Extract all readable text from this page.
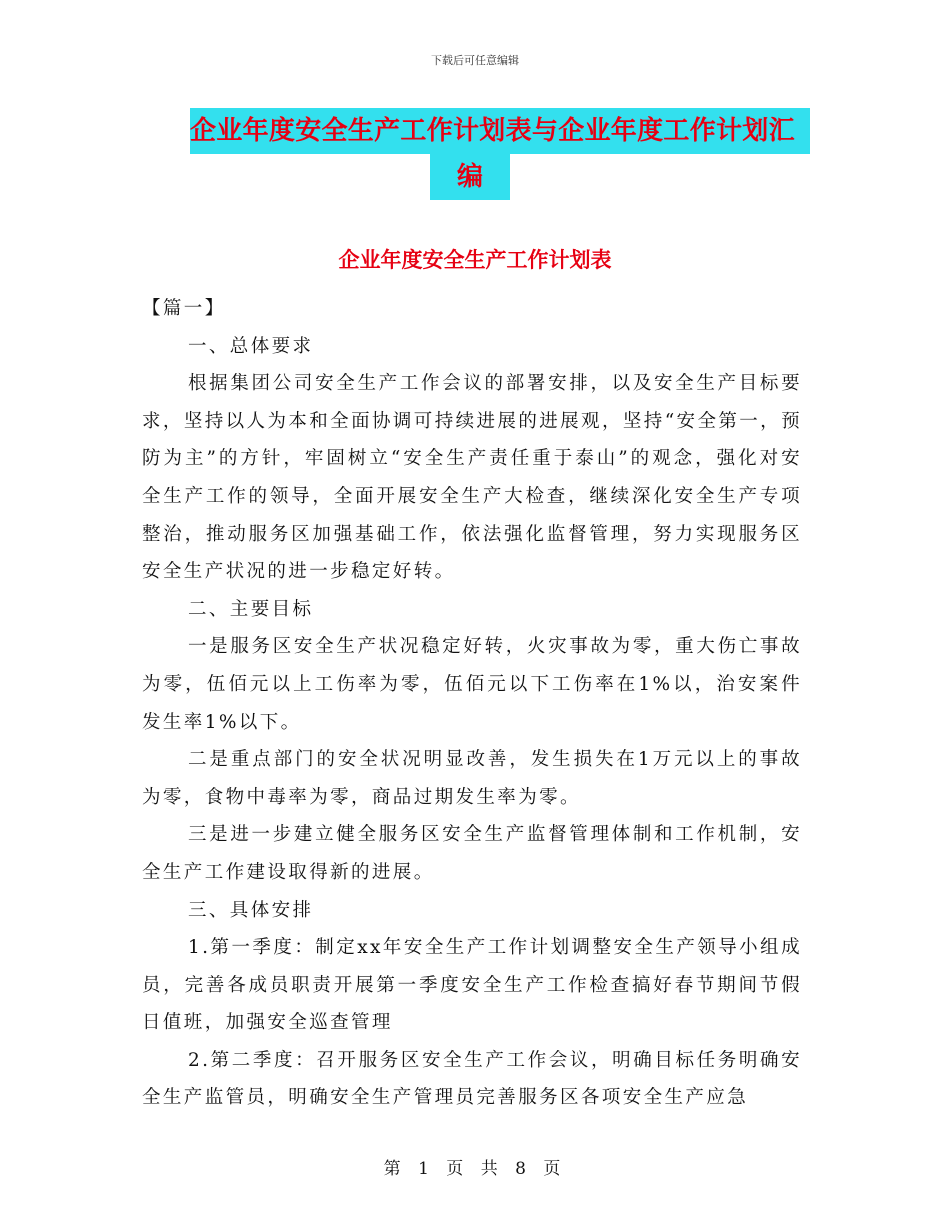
下载后可任意编辑
企业年度安全生产工作计划表与企业年度工作计划汇
编
企业年度安全生产工作计划表

【篇一】

一、总体要求

根据集团公司安全生产工作会议的部署安排，以及安全生产目标要求，坚持以人为本和全面协调可持续进展的进展观，坚持“安全第一，预防为主”的方针，牢固树立“安全生产责任重于泰山”的观念，强化对安全生产工作的领导，全面开展安全生产大检查，继续深化安全生产专项整治，推动服务区加强基础工作，依法强化监督管理，努力实现服务区安全生产状况的进一步稳定好转。

二、主要目标

一是服务区安全生产状况稳定好转，火灾事故为零，重大伤亡事故为零，伍佰元以上工伤率为零，伍佰元以下工伤率在1%以，治安案件发生率1%以下。

二是重点部门的安全状况明显改善，发生损失在1万元以上的事故为零，食物中毒率为零，商品过期发生率为零。

三是进一步建立健全服务区安全生产监督管理体制和工作机制，安全生产工作建设取得新的进展。

三、具体安排

1.第一季度：制定xx年安全生产工作计划调整安全生产领导小组成员，完善各成员职责开展第一季度安全生产工作检查搞好春节期间节假日值班，加强安全巡查管理

2.第二季度：召开服务区安全生产工作会议，明确目标任务明确安全生产监管员，明确安全生产管理员完善服务区各项安全生产应急

第 1 页 共 8 页
